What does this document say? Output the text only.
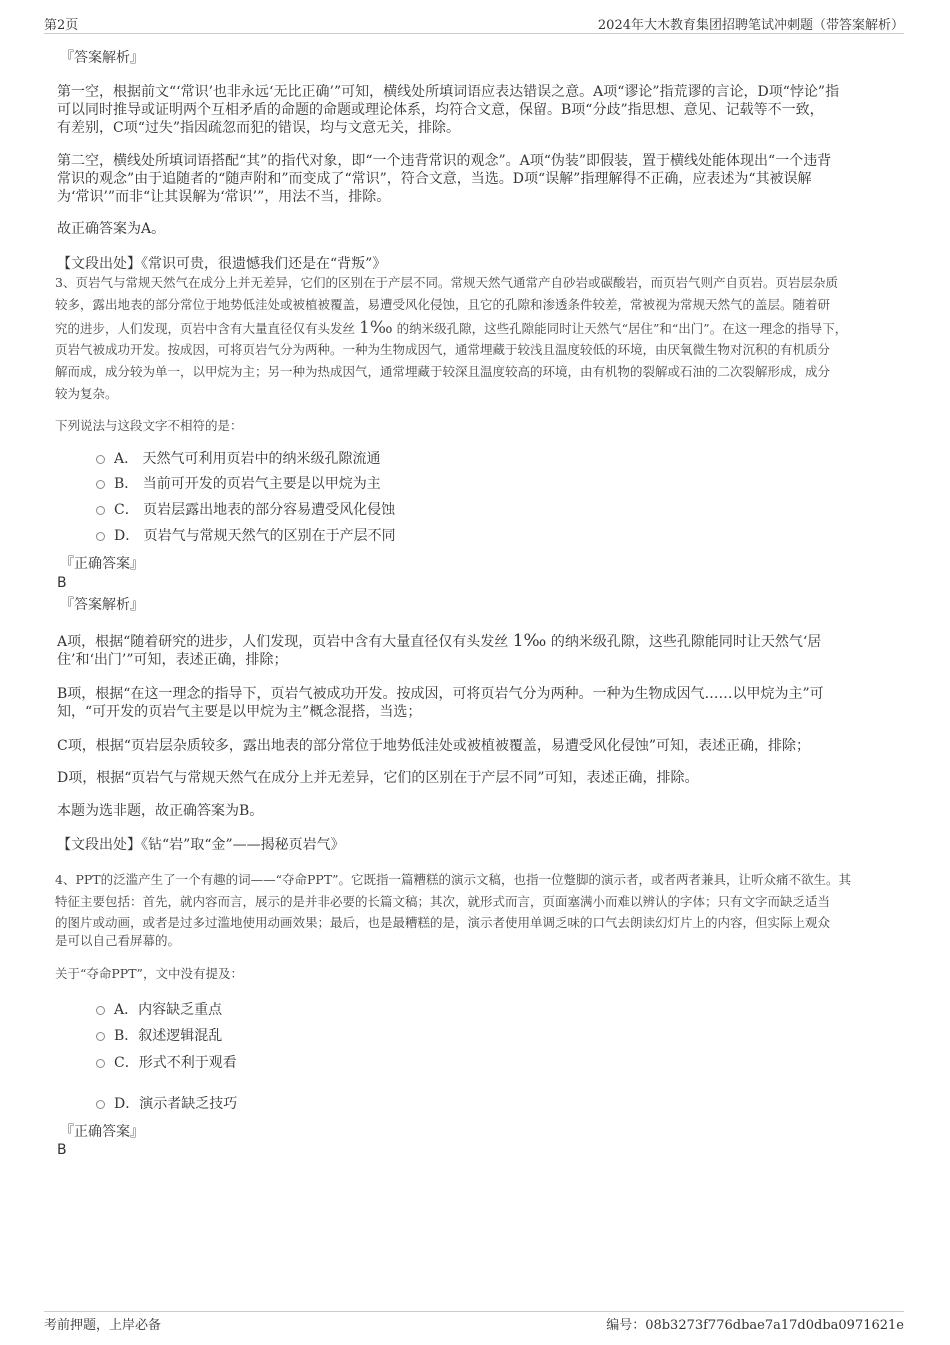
第2页	2024年大木教育集团招聘笔试冲刺题（带答案解析）
『答案解析』
第一空，根据前文“‘常识’也非永远‘无比正确’”可知，横线处所填词语应表达错误之意。A项“谬论”指荒谬的言论，D项“悖论”指
可以同时推导或证明两个互相矛盾的命题的命题或理论体系，均符合文意，保留。B项“分歧”指思想、意见、记载等不一致，
有差别，C项“过失”指因疏忽而犯的错误，均与文意无关，排除。
第二空，横线处所填词语搭配“其”的指代对象，即“一个违背常识的观念”。A项“伪装”即假装，置于横线处能体现出“一个违背
常识的观念”由于追随者的“随声附和”而变成了“常识”，符合文意，当选。D项“误解”指理解得不正确，应表述为“其被误解
为‘常识’”而非“让其误解为‘常识’”，用法不当，排除。
故正确答案为A。
【文段出处】《常识可贵，很遗憾我们还是在“背叛”》
3、页岩气与常规天然气在成分上并无差异，它们的区别在于产层不同。常规天然气通常产自砂岩或碳酸岩，而页岩气则产自页岩。页岩层杂质
较多，露出地表的部分常位于地势低洼处或被植被覆盖，易遭受风化侵蚀，且它的孔隙和渗透条件较差，常被视为常规天然气的盖层。随着研
究的进步，人们发现，页岩中含有大量直径仅有头发丝 1‰ 的纳米级孔隙，这些孔隙能同时让天然气“居住”和“出门”。在这一理念的指导下，
页岩气被成功开发。按成因，可将页岩气分为两种。一种为生物成因气，通常埋藏于较浅且温度较低的环境，由厌氧微生物对沉积的有机质分
解而成，成分较为单一，以甲烷为主；另一种为热成因气，通常埋藏于较深且温度较高的环境，由有机物的裂解或石油的二次裂解形成，成分
较为复杂。
下列说法与这段文字不相符的是：
A． 天然气可利用页岩中的纳米级孔隙流通
B． 当前可开发的页岩气主要是以甲烷为主
C． 页岩层露出地表的部分容易遭受风化侵蚀
D． 页岩气与常规天然气的区别在于产层不同
『正确答案』
B
『答案解析』
A项，根据“随着研究的进步，人们发现，页岩中含有大量直径仅有头发丝 1‰ 的纳米级孔隙，这些孔隙能同时让天然气‘居
住’和‘出门’”可知，表述正确，排除；
B项，根据“在这一理念的指导下，页岩气被成功开发。按成因，可将页岩气分为两种。一种为生物成因气……以甲烷为主”可
知，“可开发的页岩气主要是以甲烷为主”概念混搭，当选；
C项，根据“页岩层杂质较多，露出地表的部分常位于地势低洼处或被植被覆盖，易遭受风化侵蚀”可知，表述正确，排除；
D项，根据“页岩气与常规天然气在成分上并无差异，它们的区别在于产层不同”可知，表述正确，排除。
本题为选非题，故正确答案为B。
【文段出处】《钻“岩”取“金”——揭秘页岩气》
4、PPT的泛滥产生了一个有趣的词——“夺命PPT”。它既指一篇糟糕的演示文稿，也指一位蹩脚的演示者，或者两者兼具，让听众痛不欲生。其
特征主要包括：首先，就内容而言，展示的是并非必要的长篇文稿；其次，就形式而言，页面塞满小而难以辨认的字体；只有文字而缺乏适当
的图片或动画，或者是过多过滥地使用动画效果；最后，也是最糟糕的是，演示者使用单调乏味的口气去朗读幻灯片上的内容，但实际上观众
是可以自己看屏幕的。
关于“夺命PPT”，文中没有提及：
A．内容缺乏重点
B．叙述逻辑混乱
C．形式不利于观看
D．演示者缺乏技巧
『正确答案』
B
考前押题，上岸必备	编号：08b3273f776dbae7a17d0dba0971621e
